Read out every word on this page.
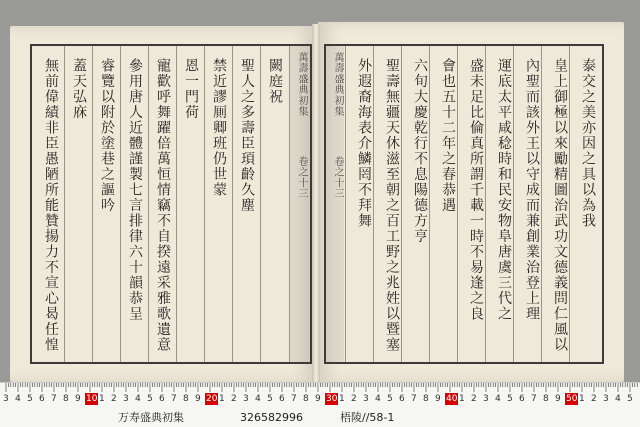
萬壽盛典初集
卷之十三
闕庭祝
聖人之多壽臣頊齡久塵
禁近謬厠卿班仍世蒙
恩一門荷
寵歡呼舞躍倍萬恒情竊不自揆遠采雅歌遺意
參用唐人近體謹製七言排律六十韻恭呈
睿覽以附於塗巷之謳吟
蓋天弘庥
無前偉績非臣愚陋所能贊揚力不宣心曷任惶	萬壽盛典初集
卷之十三	泰交之美亦因之具以為我
皇上御極以來勵精圖治武功文德義問仁風以
內聖而該外王以守成而兼創業治登上理
運底太平咸稔時和民安物阜唐虞三代之
盛未足比倫真所謂千載一時不易逢之良
會也五十二年之春恭遇
六旬大慶乾行不息陽德方亨
聖壽無疆天休滋至朝之百工野之兆姓以暨塞
外遐裔海表介鱗罔不拜舞
3 4 5 6 7 8 9 10 1 2 3 4 5 6 7 8 9 20 1 2 3 4 5 6 7 8 9 30 1 2 3 4 5 6 7 8 9 40 1 2 3 4 5 6 7 8 9 50 1 2 3 4 5
万寿盛典初集	326582996	梧陵//58-1
